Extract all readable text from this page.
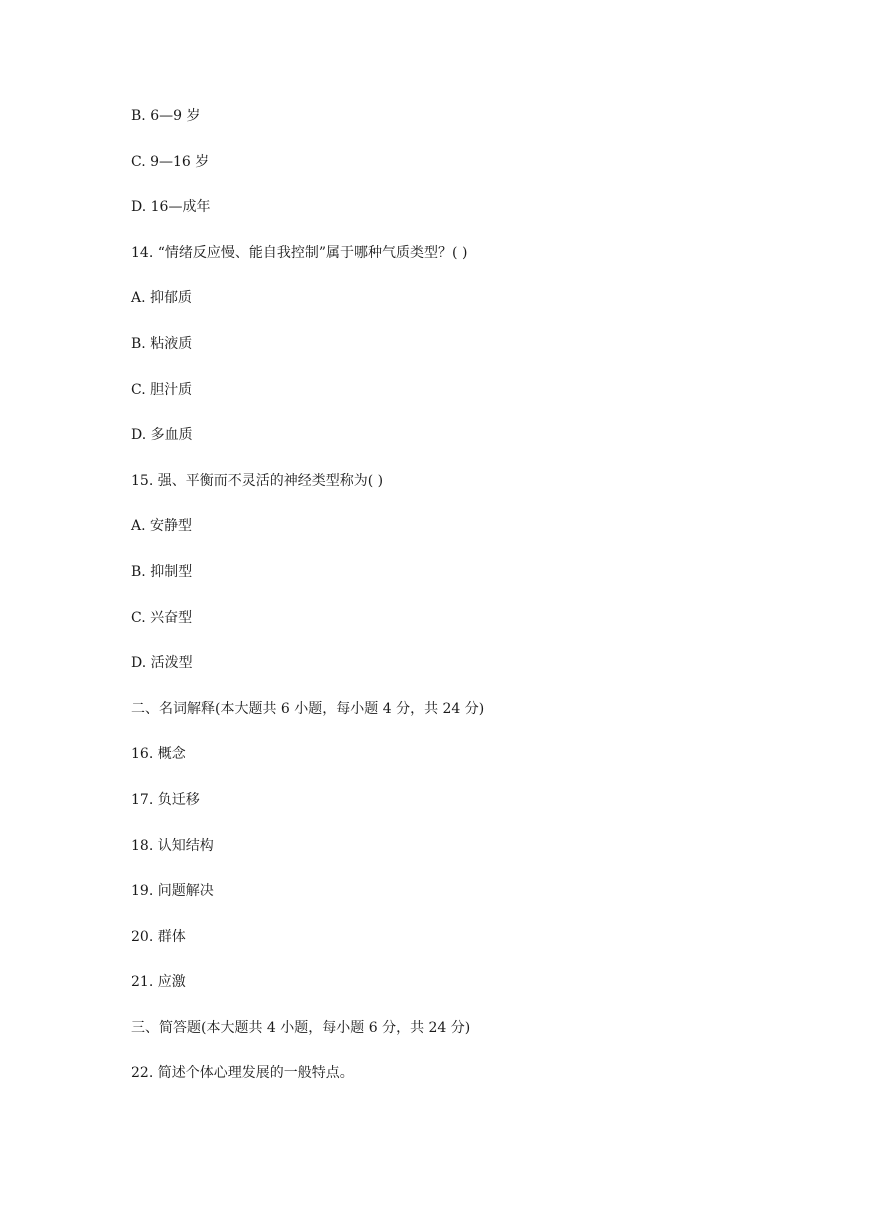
B. 6—9 岁
C. 9—16 岁
D. 16—成年
14. “情绪反应慢、能自我控制”属于哪种气质类型？( )
A. 抑郁质
B. 粘液质
C. 胆汁质
D. 多血质
15. 强、平衡而不灵活的神经类型称为( )
A. 安静型
B. 抑制型
C. 兴奋型
D. 活泼型
二、名词解释(本大题共 6 小题，每小题 4 分，共 24 分)
16. 概念
17. 负迁移
18. 认知结构
19. 问题解决
20. 群体
21. 应激
三、简答题(本大题共 4 小题，每小题 6 分，共 24 分)
22. 简述个体心理发展的一般特点。
